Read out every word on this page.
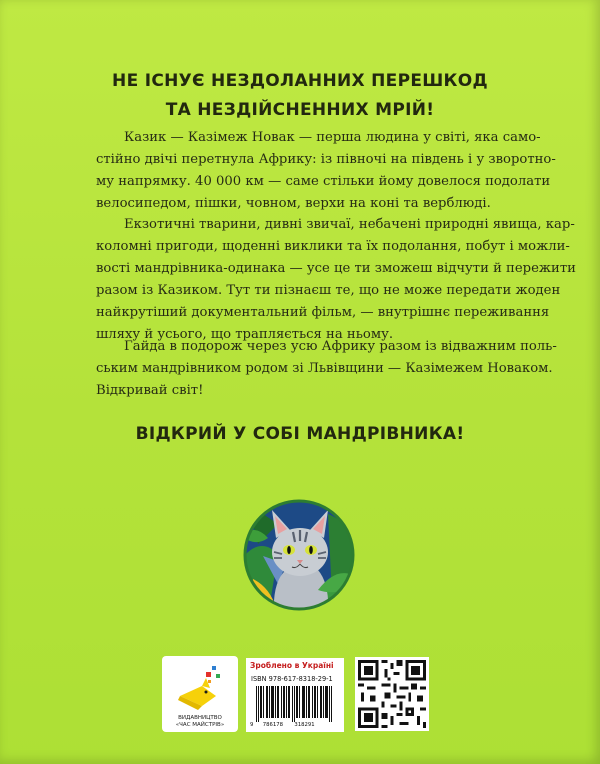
НЕ ІСНУЄ НЕЗДОЛАННИХ ПЕРЕШКОД
ТА НЕЗДІЙСНЕННИХ МРІЙ!

Казик — Казімеж Новак — перша людина у світі, яка само-
стійно двічі перетнула Африку: із півночі на південь і у зворотно-
му напрямку. 40 000 км — саме стільки йому довелося подолати
велосипедом, пішки, човном, верхи на коні та верблюді.

Екзотичні тварини, дивні звичаї, небачені природні явища, кар-
коломні пригоди, щоденні виклики та їх подолання, побут і можли-
вості мандрівника-одинака — усе це ти зможеш відчути й пережити
разом із Казиком. Тут ти пізнаєш те, що не може передати жоден
найкрутіший документальний фільм, — внутрішнє переживання
шляху й усього, що трапляється на ньому.

Гайда в подорож через усю Африку разом із відважним поль-
ським мандрівником родом зі Львівщини — Казімежем Новаком.
Відкривай світ!

ВІДКРИЙ У СОБІ МАНДРІВНИКА!
ВИДАВНИЦТВО
«ЧАС МАЙСТРІВ»
Зроблено в Україні
ISBN 978-617-8318-29-1
9 786178 318291
